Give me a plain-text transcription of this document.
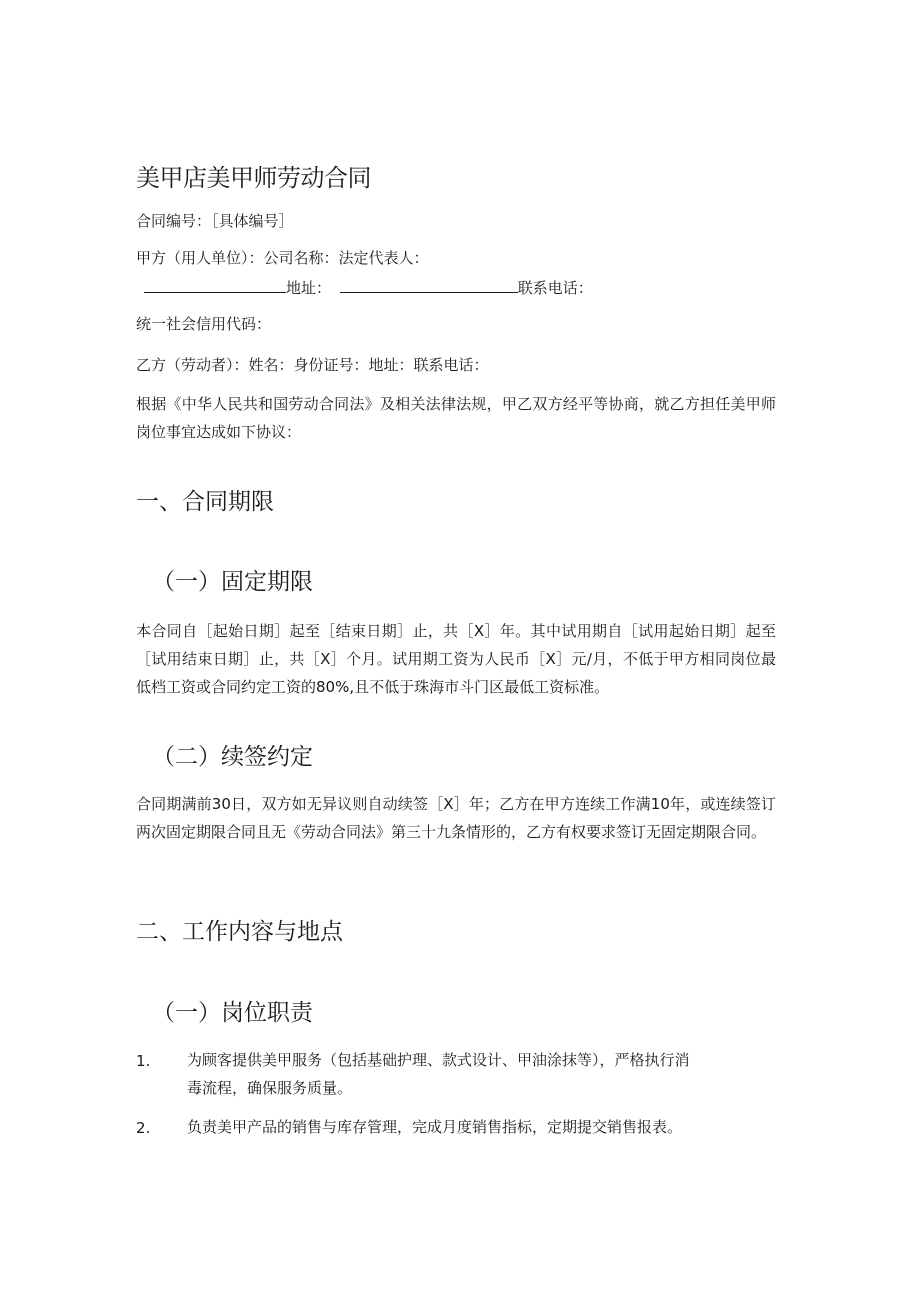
美甲店美甲师劳动合同
合同编号：［具体编号］
甲方（用人单位）：公司名称：法定代表人：
地址：	联系电话：
统一社会信用代码：
乙方（劳动者）：姓名：身份证号：地址：联系电话：
根据《中华人民共和国劳动合同法》及相关法律法规，甲乙双方经平等协商，就乙方担任美甲师岗位事宜达成如下协议：
一、合同期限
（一）固定期限
本合同自［起始日期］起至［结束日期］止，共［X］年。其中试用期自［试用起始日期］起至［试用结束日期］止，共［X］个月。试用期工资为人民币［X］元/月，不低于甲方相同岗位最低档工资或合同约定工资的80%,且不低于珠海市斗门区最低工资标准。
（二）续签约定
合同期满前30日，双方如无异议则自动续签［X］年；乙方在甲方连续工作满10年，或连续签订两次固定期限合同且无《劳动合同法》第三十九条情形的，乙方有权要求签订无固定期限合同。
二、工作内容与地点
（一）岗位职责
1. 为顾客提供美甲服务（包括基础护理、款式设计、甲油涂抹等），严格执行消
毒流程，确保服务质量。
2. 负责美甲产品的销售与库存管理，完成月度销售指标，定期提交销售报表。
